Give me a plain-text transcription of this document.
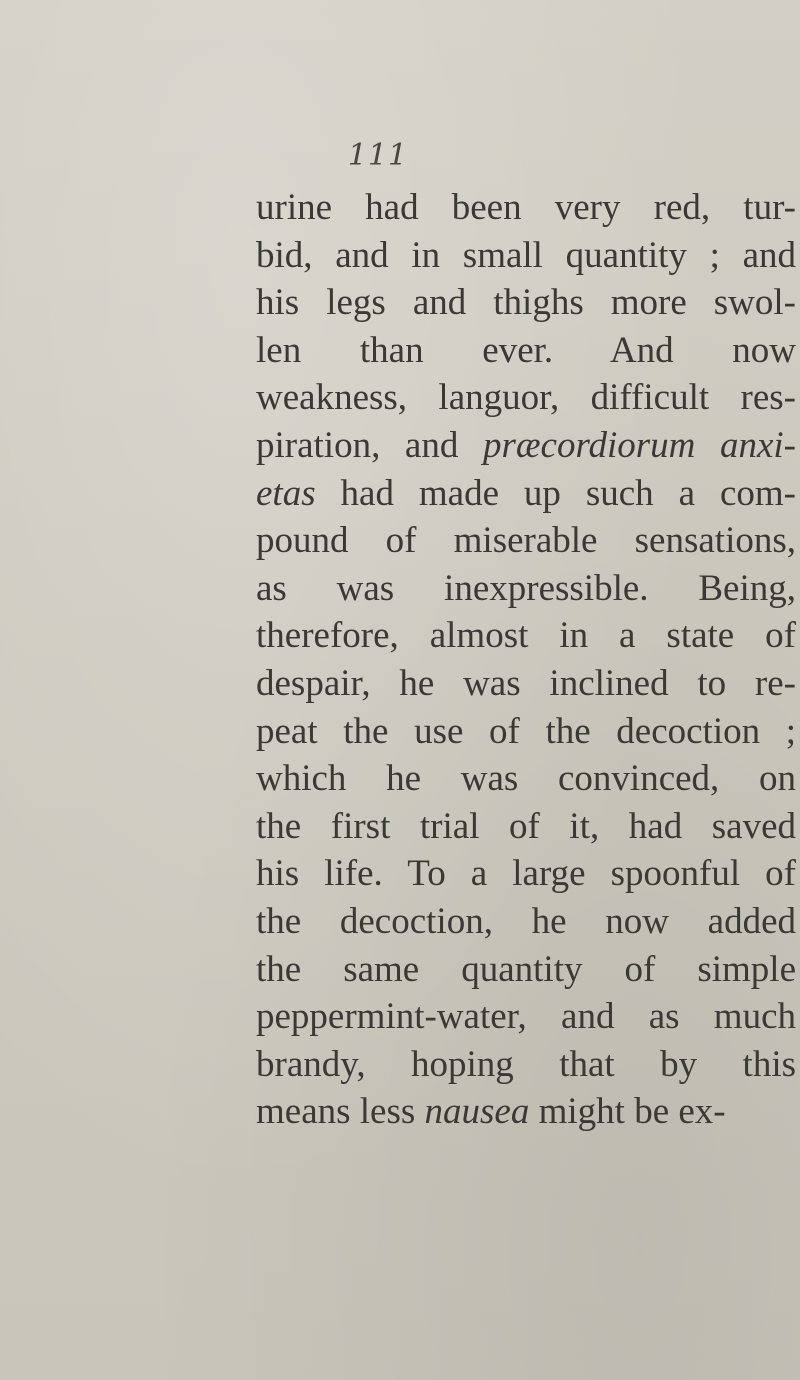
111
urine had been very red, tur-
bid, and in small quantity ; and
his legs and thighs more swol-
len than ever. And now
weakness, languor, difficult res-
piration, and præcordiorum anxi-
etas had made up such a com-
pound of miserable sensations,
as was inexpressible. Being,
therefore, almost in a state of
despair, he was inclined to re-
peat the use of the decoction ;
which he was convinced, on
the first trial of it, had saved
his life. To a large spoonful of
the decoction, he now added
the same quantity of simple
peppermint-water, and as much
brandy, hoping that by this
means less nausea might be ex-
